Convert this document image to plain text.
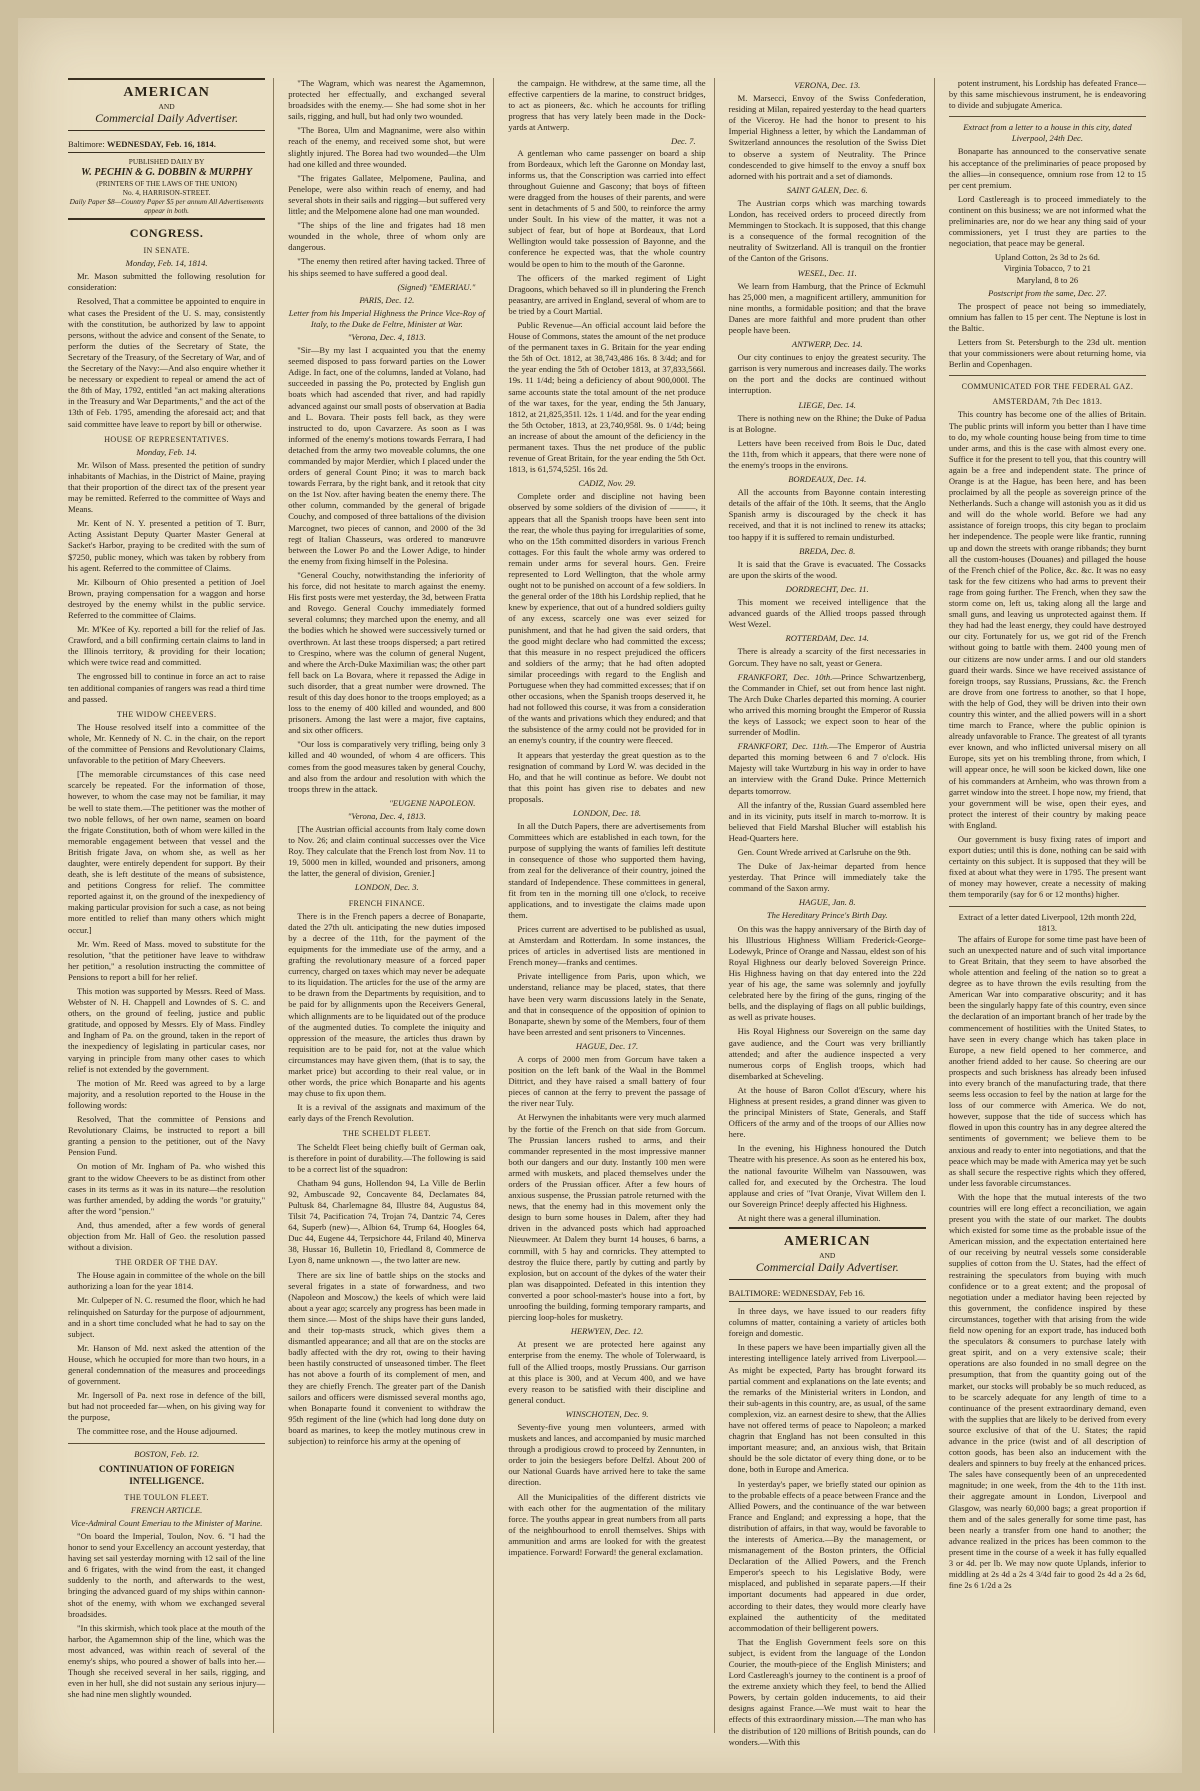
AMERICAN
AND
Commercial Daily Advertiser.
Baltimore: WEDNESDAY, Feb. 16, 1814.
PUBLISHED DAILY BY
W. PECHIN & G. DOBBIN & MURPHY
(PRINTERS OF THE LAWS OF THE UNION)
No. 4, HARRISON-STREET.
Daily Paper $8—Country Paper $5 per annum All Advertisements appear in both.
CONGRESS.
IN SENATE.
Monday, Feb. 14, 1814.

Mr. Mason submitted the following resolution for consideration:

Resolved, That a committee be appointed to enquire in what cases the President of the U. S. may, consistently with the constitution, be authorized by law to appoint persons, without the advice and consent of the Senate, to perform the duties of the Secretary of State, the Secretary of the Treasury, of the Secretary of War, and of the Secretary of the Navy:—And also enquire whether it be necessary or expedient to repeal or amend the act of the 8th of May, 1792, entitled "an act making alterations in the Treasury and War Departments," and the act of the 13th of Feb. 1795, amending the aforesaid act; and that said committee have leave to report by bill or otherwise.

HOUSE OF REPRESENTATIVES.
Monday, Feb. 14.

Mr. Wilson of Mass. presented the petition of sundry inhabitants of Machias, in the District of Maine, praying that their proportion of the direct tax of the present year may be remitted. Referred to the committee of Ways and Means.

Mr. Kent of N. Y. presented a petition of T. Burr, Acting Assistant Deputy Quarter Master General at Sacket's Harbor, praying to be credited with the sum of $7250, public money, which was taken by robbery from his agent. Referred to the committee of Claims.

Mr. Kilbourn of Ohio presented a petition of Joel Brown, praying compensation for a waggon and horse destroyed by the enemy whilst in the public service. Referred to the committee of Claims.

Mr. M'Kee of Ky. reported a bill for the relief of Jas. Crawford, and a bill confirming certain claims to land in the Illinois territory, & providing for their location; which were twice read and committed.

The engrossed bill to continue in force an act to raise ten additional companies of rangers was read a third time and passed.

THE WIDOW CHEEVERS.

The House resolved itself into a committee of the whole, Mr. Kennedy of N. C. in the chair, on the report of the committee of Pensions and Revolutionary Claims, unfavorable to the petition of Mary Cheevers.

[The memorable circumstances of this case need scarcely be repeated. For the information of those, however, to whom the case may not be familiar, it may be well to state them.—The petitioner was the mother of two noble fellows, of her own name, seamen on board the frigate Constitution, both of whom were killed in the memorable engagement between that vessel and the British frigate Java, on whom she, as well as her daughter, were entirely dependent for support. By their death, she is left destitute of the means of subsistence, and petitions Congress for relief. The committee reported against it, on the ground of the inexpediency of making particular provision for such a case, as not being more entitled to relief than many others which might occur.]

Mr. Wm. Reed of Mass. moved to substitute for the resolution, "that the petitioner have leave to withdraw her petition," a resolution instructing the committee of Pensions to report a bill for her relief.

This motion was supported by Messrs. Reed of Mass. Webster of N. H. Chappell and Lowndes of S. C. and others, on the ground of feeling, justice and public gratitude, and opposed by Messrs. Ely of Mass. Findley and Ingham of Pa. on the ground, taken in the report of the inexpediency of legislating in particular cases, nor varying in principle from many other cases to which relief is not extended by the government.

The motion of Mr. Reed was agreed to by a large majority, and a resolution reported to the House in the following words:

Resolved, That the committee of Pensions and Revolutionary Claims, be instructed to report a bill granting a pension to the petitioner, out of the Navy Pension Fund.

On motion of Mr. Ingham of Pa. who wished this grant to the widow Cheevers to be as distinct from other cases in its terms as it was in its nature—the resolution was further amended, by adding the words "or gratuity," after the word "pension."

And, thus amended, after a few words of general objection from Mr. Hall of Geo. the resolution passed without a division.

THE ORDER OF THE DAY.

The House again in committee of the whole on the bill authorizing a loan for the year 1814.

Mr. Culpeper of N. C. resumed the floor, which he had relinquished on Saturday for the purpose of adjournment, and in a short time concluded what he had to say on the subject.

Mr. Hanson of Md. next asked the attention of the House, which he occupied for more than two hours, in a general condemnation of the measures and proceedings of government.

Mr. Ingersoll of Pa. next rose in defence of the bill, but had not proceeded far—when, on his giving way for the purpose,

The committee rose, and the House adjourned.

BOSTON, Feb. 12.
CONTINUATION OF FOREIGN INTELLIGENCE.
THE TOULON FLEET.
FRENCH ARTICLE.
Vice-Admiral Count Emeriau to the Minister of Marine.

"On board the Imperial, Toulon, Nov. 6. "I had the honor to send your Excellency an account yesterday, that having set sail yesterday morning with 12 sail of the line and 6 frigates, with the wind from the east, it changed suddenly to the north, and afterwards to the west, bringing the advanced guard of my ships within cannon-shot of the enemy, with whom we exchanged several broadsides.

"In this skirmish, which took place at the mouth of the harbor, the Agamemnon ship of the line, which was the most advanced, was within reach of several of the enemy's ships, who poured a shower of balls into her.— Though she received several in her sails, rigging, and even in her hull, she did not sustain any serious injury—she had nine men slightly wounded.

"The Wagram, which was nearest the Agamemnon, protected her effectually, and exchanged several broadsides with the enemy.— She had some shot in her sails, rigging, and hull, but had only two wounded.

"The Borea, Ulm and Magnanime, were also within reach of the enemy, and received some shot, but were slightly injured. The Borea had two wounded—the Ulm had one killed and three wounded.

"The frigates Gallatee, Melpomene, Paulina, and Penelope, were also within reach of enemy, and had several shots in their sails and rigging—but suffered very little; and the Melpomene alone had one man wounded.

"The ships of the line and frigates had 18 men wounded in the whole, three of whom only are dangerous.

"The enemy then retired after having tacked. Three of his ships seemed to have suffered a good deal.

(Signed) "EMERIAU."
PARIS, Dec. 12.
Letter from his Imperial Highness the Prince Vice-Roy of Italy, to the Duke de Feltre, Minister at War.
"Verona, Dec. 4, 1813.

"Sir—By my last I acquainted you that the enemy seemed disposed to pass forward parties on the Lower Adige. In fact, one of the columns, landed at Volano, had succeeded in passing the Po, protected by English gun boats which had ascended that river, and had rapidly advanced against our small posts of observation at Badia and L. Bovara. Their posts fell back, as they were instructed to do, upon Cavarzere. As soon as I was informed of the enemy's motions towards Ferrara, I had detached from the army two moveable columns, the one commanded by major Merdier, which I placed under the orders of general Count Pino; it was to march back towards Ferrara, by the right bank, and it retook that city on the 1st Nov. after having beaten the enemy there. The other column, commanded by the general of brigade Couchy, and composed of three battalions of the division Marcognet, two pieces of cannon, and 2000 of the 3d regt of Italian Chasseurs, was ordered to manœuvre between the Lower Po and the Lower Adige, to hinder the enemy from fixing himself in the Polesina.

"General Couchy, notwithstanding the inferiority of his force, did not hesitate to march against the enemy. His first posts were met yesterday, the 3d, between Fratta and Rovego. General Couchy immediately formed several columns; they marched upon the enemy, and all the bodies which he showed were successively turned or overthrown. At last these troops dispersed; a part retired to Crespino, where was the column of general Nugent, and where the Arch-Duke Maximilian was; the other part fell back on La Bovara, where it repassed the Adige in such disorder, that a great number were drowned. The result of this day does honor to the troops employed; as a loss to the enemy of 400 killed and wounded, and 800 prisoners. Among the last were a major, five captains, and six other officers.

"Our loss is comparatively very trifling, being only 3 killed and 40 wounded, of whom 4 are officers. This comes from the good measures taken by general Couchy, and also from the ardour and resolution with which the troops threw in the attack.

"EUGENE NAPOLEON.
"Verona, Dec. 4, 1813.

[The Austrian official accounts from Italy come down to Nov. 26; and claim continual successes over the Vice Roy. They calculate that the French lost from Nov. 11 to 19, 5000 men in killed, wounded and prisoners, among the latter, the general of division, Grenier.]

LONDON, Dec. 3.
FRENCH FINANCE.

There is in the French papers a decree of Bonaparte, dated the 27th ult. anticipating the new duties imposed by a decree of the 11th, for the payment of the equipments for the immediate use of the army, and a grafting the revolutionary measure of a forced paper currency, charged on taxes which may never be adequate to its liquidation. The articles for the use of the army are to be drawn from the Departments by requisition, and to be paid for by allignments upon the Receivers General, which allignments are to be liquidated out of the produce of the augmented duties. To complete the iniquity and oppression of the measure, the articles thus drawn by requisition are to be paid for, not at the value which circumstances may have given them, (that is to say, the market price) but according to their real value, or in other words, the price which Bonaparte and his agents may chuse to fix upon them.

It is a revival of the assignats and maximum of the early days of the French Revolution.

THE SCHELDT FLEET.

The Scheldt Fleet being chiefly built of German oak, is therefore in point of durability.—The following is said to be a correct list of the squadron:

Chatham 94 guns, Hollendon 94, La Ville de Berlin 92, Ambuscade 92, Concavente 84, Declamates 84, Pultusk 84, Charlemagne 84, Illustre 84, Augustus 84, Tilsit 74, Pacification 74, Trojan 74, Dantzic 74, Ceres 64, Superb (new)—, Albion 64, Trump 64, Hoogles 64, Duc 44, Eugene 44, Terpsichore 44, Friland 40, Minerva 38, Hussar 16, Bulletin 10, Friedland 8, Commerce de Lyon 8, name unknown —, the two latter are new.

There are six line of battle ships on the stocks and several frigates in a state of forwardness, and two (Napoleon and Moscow,) the keels of which were laid about a year ago; scarcely any progress has been made in them since.— Most of the ships have their guns landed, and their top-masts struck, which gives them a dismantled appearance; and all that are on the stocks are badly affected with the dry rot, owing to their having been hastily constructed of unseasoned timber. The fleet has not above a fourth of its complement of men, and they are chiefly French. The greater part of the Danish sailors and officers were dismissed several months ago, when Bonaparte found it convenient to withdraw the 95th regiment of the line (which had long done duty on board as marines, to keep the motley mutinous crew in subjection) to reinforce his army at the opening of

the campaign. He withdrew, at the same time, all the effective carpentiers de la marine, to construct bridges, to act as pioneers, &c. which he accounts for trifling progress that has very lately been made in the Dock-yards at Antwerp.

Dec. 7.

A gentleman who came passenger on board a ship from Bordeaux, which left the Garonne on Monday last, informs us, that the Conscription was carried into effect throughout Guienne and Gascony; that boys of fifteen were dragged from the houses of their parents, and were sent in detachments of 5 and 500, to reinforce the army under Soult. In his view of the matter, it was not a subject of fear, but of hope at Bordeaux, that Lord Wellington would take possession of Bayonne, and the conference he expected was, that the whole country would be open to him to the mouth of the Garonne.

The officers of the marked regiment of Light Dragoons, which behaved so ill in plundering the French peasantry, are arrived in England, several of whom are to be tried by a Court Martial.

Public Revenue—An official account laid before the House of Commons, states the amount of the net produce of the permanent taxes in G. Britain for the year ending the 5th of Oct. 1812, at 38,743,486 16s. 8 3/4d; and for the year ending the 5th of October 1813, at 37,833,566l. 19s. 11 1/4d; being a deficiency of about 900,000l. The same accounts state the total amount of the net produce of the war taxes, for the year, ending the 5th January, 1812, at 21,825,351l. 12s. 1 1/4d. and for the year ending the 5th October, 1813, at 23,740,958l. 9s. 0 1/4d; being an increase of about the amount of the deficiency in the permanent taxes. Thus the net produce of the public revenue of Great Britain, for the year ending the 5th Oct. 1813, is 61,574,525l. 16s 2d.

CADIZ, Nov. 29.

Complete order and discipline not having been observed by some soldiers of the division of ———, it appears that all the Spanish troops have been sent into the rear, the whole thus paying for irregularities of some, who on the 15th committed disorders in various French cottages. For this fault the whole army was ordered to remain under arms for several hours. Gen. Freire represented to Lord Wellington, that the whole army ought not to be punished on account of a few soldiers. In the general order of the 18th his Lordship replied, that he knew by experience, that out of a hundred soldiers guilty of any excess, scarcely one was ever seized for punishment, and that he had given the said orders, that the good might declare who had committed the excess; that this measure in no respect prejudiced the officers and soldiers of the army; that he had often adopted similar proceedings with regard to the English and Portuguese when they had committed excesses; that if on other occasions, when the Spanish troops deserved it, he had not followed this course, it was from a consideration of the wants and privations which they endured; and that the subsistence of the army could not be provided for in an enemy's country, if the country were fleeced.

It appears that yesterday the great question as to the resignation of command by Lord W. was decided in the Ho, and that he will continue as before. We doubt not that this point has given rise to debates and new proposals.

LONDON, Dec. 18.

In all the Dutch Papers, there are advertisements from Committees which are established in each town, for the purpose of supplying the wants of families left destitute in consequence of those who supported them having, from zeal for the deliverance of their country, joined the standard of Independence. These committees in general, fit from ten in the morning till one o'clock, to receive applications, and to investigate the claims made upon them.

Prices current are advertised to be published as usual, at Amsterdam and Rotterdam. In some instances, the prices of articles in advertised lists are mentioned in French money—franks and centimes.

Private intelligence from Paris, upon which, we understand, reliance may be placed, states, that there have been very warm discussions lately in the Senate, and that in consequence of the opposition of opinion to Bonaparte, shewn by some of the Members, four of them have been arrested and sent prisoners to Vincennes.

HAGUE, Dec. 17.

A corps of 2000 men from Gorcum have taken a position on the left bank of the Waal in the Bommel Dittrict, and they have raised a small battery of four pieces of cannon at the ferry to prevent the passage of the river near Tuly.

At Herwynen the inhabitants were very much alarmed by the fortie of the French on that side from Gorcum. The Prussian lancers rushed to arms, and their commander represented in the most impressive manner both our dangers and our duty. Instantly 100 men were armed with muskets, and placed themselves under the orders of the Prussian officer. After a few hours of anxious suspense, the Prussian patrole returned with the news, that the enemy had in this movement only the design to burn some houses in Dalem, after they had driven in the advanced posts which had approached Nieuwmeer. At Dalem they burnt 14 houses, 6 barns, a cornmill, with 5 hay and cornricks. They attempted to destroy the fluice there, partly by cutting and partly by explosion, but on account of the dykes of the water their plan was disappointed. Defeated in this intention they converted a poor school-master's house into a fort, by unroofing the building, forming temporary ramparts, and piercing loop-holes for musketry.

HERWYEN, Dec. 12.

At present we are protected here against any enterprise from the enemy. The whole of Tolerwaard, is full of the Allied troops, mostly Prussians. Our garrison at this place is 300, and at Vecum 400, and we have every reason to be satisfied with their discipline and general conduct.

WINSCHOTEN, Dec. 9.

Seventy-five young men volunteers, armed with muskets and lances, and accompanied by music marched through a prodigious crowd to proceed by Zennunten, in order to join the besiegers before Delfzl. About 200 of our National Guards have arrived here to take the same direction.

All the Municipalities of the different districts vie with each other for the augmentation of the military force. The youths appear in great numbers from all parts of the neighbourhood to enroll themselves. Ships with ammunition and arms are looked for with the greatest impatience. Forward! Forward! the general exclamation.

VERONA, Dec. 13.

M. Marsecci, Envoy of the Swiss Confederation, residing at Milan, repaired yesterday to the head quarters of the Viceroy. He had the honor to present to his Imperial Highness a letter, by which the Landamman of Switzerland announces the resolution of the Swiss Diet to observe a system of Neutrality. The Prince condescended to give himself to the envoy a snuff box adorned with his portrait and a set of diamonds.

SAINT GALEN, Dec. 6.

The Austrian corps which was marching towards London, has received orders to proceed directly from Memmingen to Stockach. It is supposed, that this change is a consequence of the formal recognition of the neutrality of Switzerland. All is tranquil on the frontier of the Canton of the Grisons.

WESEL, Dec. 11.

We learn from Hamburg, that the Prince of Eckmuhl has 25,000 men, a magnificent artillery, ammunition for nine months, a formidable position; and that the brave Danes are more faithful and more prudent than other people have been.

ANTWERP, Dec. 14.

Our city continues to enjoy the greatest security. The garrison is very numerous and increases daily. The works on the port and the docks are continued without interruption.

LIEGE, Dec. 14.

There is nothing new on the Rhine; the Duke of Padua is at Bologne.

Letters have been received from Bois le Duc, dated the 11th, from which it appears, that there were none of the enemy's troops in the environs.

BORDEAUX, Dec. 14.

All the accounts from Bayonne contain interesting details of the affair of the 10th. It seems, that the Anglo Spanish army is discouraged by the check it has received, and that it is not inclined to renew its attacks; too happy if it is suffered to remain undisturbed.

BREDA, Dec. 8.

It is said that the Grave is evacuated. The Cossacks are upon the skirts of the wood.

DORDRECHT, Dec. 11.

This moment we received intelligence that the advanced guards of the Allied troops passed through West Wezel.

ROTTERDAM, Dec. 14.

There is already a scarcity of the first necessaries in Gorcum. They have no salt, yeast or Genera.

FRANKFORT, Dec. 10th.—Prince Schwartzenberg, the Commander in Chief, set out from hence last night. The Arch Duke Charles departed this morning. A courier who arrived this morning brought the Emperor of Russia the keys of Lassock; we expect soon to hear of the surrender of Modlin.

FRANKFORT, Dec. 11th.—The Emperor of Austria departed this morning between 6 and 7 o'clock. His Majesty will take Wurtzburg in his way in order to have an interview with the Grand Duke. Prince Metternich departs tomorrow.

All the infantry of the, Russian Guard assembled here and in its vicinity, puts itself in march to-morrow. It is believed that Field Marshal Blucher will establish his Head-Quarters here.

Gen. Count Wrede arrived at Carlsruhe on the 9th.

The Duke of Jax-heimar departed from hence yesterday. That Prince will immediately take the command of the Saxon army.

HAGUE, Jan. 8.
The Hereditary Prince's Birth Day.

On this was the happy anniversary of the Birth day of his Illustrious Highness William Frederick-George-Lodewyk, Prince of Orange and Nassau, eldest son of his Royal Highness our dearly beloved Sovereign Prince. His Highness having on that day entered into the 22d year of his age, the same was solemnly and joyfully celebrated here by the firing of the guns, ringing of the bells, and the displaying of flags on all public buildings, as well as private houses.

His Royal Highness our Sovereign on the same day gave audience, and the Court was very brilliantly attended; and after the audience inspected a very numerous corps of English troops, which had disembarked at Scheveling.

At the house of Baron Collot d'Escury, where his Highness at present resides, a grand dinner was given to the principal Ministers of State, Generals, and Staff Officers of the army and of the troops of our Allies now here.

In the evening, his Highness honoured the Dutch Theatre with his presence. As soon as he entered his box, the national favourite Wilhelm van Nassouwen, was called for, and executed by the Orchestra. The loud applause and cries of "Ivat Oranje, Vivat Willem den I. our Sovereign Prince! deeply affected his Highness.

At night there was a general illumination.

AMERICAN
AND
Commercial Daily Advertiser.
BALTIMORE: WEDNESDAY, Feb 16.

In three days, we have issued to our readers fifty columns of matter, containing a variety of articles both foreign and domestic.

In these papers we have been impartially given all the interesting intelligence lately arrived from Liverpool.—As might be expected, Party has brought forward its partial comment and explanations on the late events; and the remarks of the Ministerial writers in London, and their sub-agents in this country, are, as usual, of the same complexion, viz. an earnest desire to shew, that the Allies have not offered terms of peace to Napoleon; a marked chagrin that England has not been consulted in this important measure; and, an anxious wish, that Britain should be the sole dictator of every thing done, or to be done, both in Europe and America.

In yesterday's paper, we briefly stated our opinion as to the probable effects of a peace between France and the Allied Powers, and the continuance of the war between France and England; and expressing a hope, that the distribution of affairs, in that way, would be favorable to the interests of America.—By the management, or mismanagement of the Boston printers, the Official Declaration of the Allied Powers, and the French Emperor's speech to his Legislative Body, were misplaced, and published in separate papers.—If their important documents had appeared in due order, according to their dates, they would more clearly have explained the authenticity of the meditated accommodation of their belligerent powers.

That the English Government feels sore on this subject, is evident from the language of the London Courier, the mouth-piece of the English Ministers; and Lord Castlereagh's journey to the continent is a proof of the extreme anxiety which they feel, to bend the Allied Powers, by certain golden inducements, to aid their designs against France.—We must wait to hear the effects of this extraordinary mission.—The man who has the distribution of 120 millions of British pounds, can do wonders.—With this

potent instrument, his Lordship has defeated France—by this same mischievous instrument, he is endeavoring to divide and subjugate America.

Extract from a letter to a house in this city, dated Liverpool, 24th Dec.

Bonaparte has announced to the conservative senate his acceptance of the preliminaries of peace proposed by the allies—in consequence, omnium rose from 12 to 15 per cent premium.

Lord Castlereagh is to proceed immediately to the continent on this business; we are not informed what the preliminaries are, nor do we hear any thing said of your commissioners, yet I trust they are parties to the negociation, that peace may be general.

Upland Cotton, 2s 3d to 2s 6d.
Virginia Tobacco, 7 to 21
Maryland, 8 to 26
Postscript from the same, Dec. 27.

The prospect of peace not being so immediately, omnium has fallen to 15 per cent. The Neptune is lost in the Baltic.

Letters from St. Petersburgh to the 23d ult. mention that your commissioners were about returning home, via Berlin and Copenhagen.

COMMUNICATED FOR THE FEDERAL GAZ.
AMSTERDAM, 7th Dec 1813.

This country has become one of the allies of Britain. The public prints will inform you better than I have time to do, my whole counting house being from time to time under arms, and this is the case with almost every one. Suffice it for the present to tell you, that this country will again be a free and independent state. The prince of Orange is at the Hague, has been here, and has been proclaimed by all the people as sovereign prince of the Netherlands. Such a change will astonish you as it did us and will do the whole world. Before we had any assistance of foreign troops, this city began to proclaim her independence. The people were like frantic, running up and down the streets with orange ribbands; they burnt all the custom-houses (Douanes) and pillaged the house of the French chief of the Police, &c. &c. It was no easy task for the few citizens who had arms to prevent their rage from going further. The French, when they saw the storm come on, left us, taking along all the large and small guns, and leaving us unprotected against them. If they had had the least energy, they could have destroyed our city. Fortunately for us, we got rid of the French without going to battle with them. 2400 young men of our citizens are now under arms. I and our old standers guard their wards. Since we have received assistance of foreign troops, say Russians, Prussians, &c. the French are drove from one fortress to another, so that I hope, with the help of God, they will be driven into their own country this winter, and the allied powers will in a short time march to France, where the public opinion is already unfavorable to France. The greatest of all tyrants ever known, and who inflicted universal misery on all Europe, sits yet on his trembling throne, from which, I will appear once, he will soon be kicked down, like one of his commanders at Arnheim, who was thrown from a garret window into the street. I hope now, my friend, that your government will be wise, open their eyes, and protect the interest of their country by making peace with England.

Our government is busy fixing rates of import and export duties; until this is done, nothing can be said with certainty on this subject. It is supposed that they will be fixed at about what they were in 1795. The present want of money may however, create a necessity of making them temporarily (say for 6 or 12 months) higher.

Extract of a letter dated Liverpool, 12th month 22d, 1813.

The affairs of Europe for some time past have been of such an unexpected nature and of such vital importance to Great Britain, that they seem to have absorbed the whole attention and feeling of the nation so to great a degree as to have thrown the evils resulting from the American War into comparative obscurity; and it has been the singularly happy fate of this country, even since the declaration of an important branch of her trade by the commencement of hostilities with the United States, to have seen in every change which has taken place in Europe, a new field opened to her commerce, and another friend added to her cause. So cheering are our prospects and such briskness has already been infused into every branch of the manufacturing trade, that there seems less occasion to feel by the nation at large for the loss of our commerce with America. We do not, however, suppose that the tide of success which has flowed in upon this country has in any degree altered the sentiments of government; we believe them to be anxious and ready to enter into negotiations, and that the peace which may be made with America may yet be such as shall secure the respective rights which they offered, under less favorable circumstances.

With the hope that the mutual interests of the two countries will ere long effect a reconciliation, we again present you with the state of our market. The doubts which existed for some time as the probable issue of the American mission, and the expectation entertained here of our receiving by neutral vessels some considerable supplies of cotton from the U. States, had the effect of restraining the speculators from buying with much confidence or to a great extent; and the proposal of negotiation under a mediator having been rejected by this government, the confidence inspired by these circumstances, together with that arising from the wide field now opening for an export trade, has induced both the speculators & consumers to purchase lately with great spirit, and on a very extensive scale; their operations are also founded in no small degree on the presumption, that from the quantity going out of the market, our stocks will probably be so much reduced, as to be scarcely adequate for any length of time to a continuance of the present extraordinary demand, even with the supplies that are likely to be derived from every source exclusive of that of the U. States; the rapid advance in the price (twist and of all description of cotton goods, has been also an inducement with the dealers and spinners to buy freely at the enhanced prices. The sales have consequently been of an unprecedented magnitude; in one week, from the 4th to the 11th inst. their aggregate amount in London, Liverpool and Glasgow, was nearly 60,000 bags; a great proportion if them and of the sales generally for some time past, has been nearly a transfer from one hand to another; the advance realized in the prices has been common to the present time in the course of a week it has fully equalled 3 or 4d. per lb. We may now quote Uplands, inferior to middling at 2s 4d a 2s 4 3/4d fair to good 2s 4d a 2s 6d, fine 2s 6 1/2d a 2s
